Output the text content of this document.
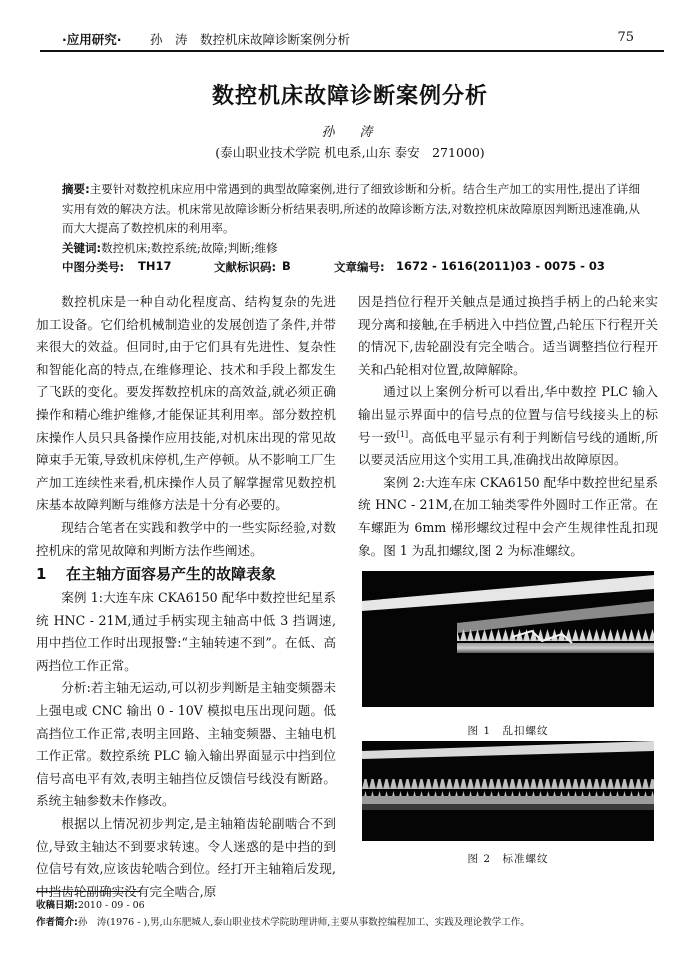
·应用研究· 孙　涛 数控机床故障诊断案例分析	75
数控机床故障诊断案例分析
孙　涛
(泰山职业技术学院 机电系,山东 泰安　271000)
摘要:主要针对数控机床应用中常遇到的典型故障案例,进行了细致诊断和分析。结合生产加工的实用性,提出了详细实用有效的解决方法。机床常见故障诊断分析结果表明,所述的故障诊断方法,对数控机床故障原因判断迅速准确,从而大大提高了数控机床的利用率。
关键词:数控机床;数控系统;故障;判断;维修
中图分类号: TH17	文献标识码: B	文章编号: 1672 - 1616(2011)03 - 0075 - 03

数控机床是一种自动化程度高、结构复杂的先进加工设备。它们给机械制造业的发展创造了条件,并带来很大的效益。但同时,由于它们具有先进性、复杂性和智能化高的特点,在维修理论、技术和手段上都发生了飞跃的变化。要发挥数控机床的高效益,就必须正确操作和精心维护维修,才能保证其利用率。部分数控机床操作人员只具备操作应用技能,对机床出现的常见故障束手无策,导致机床停机,生产停顿。从不影响工厂生产加工连续性来看,机床操作人员了解掌握常见数控机床基本故障判断与维修方法是十分有必要的。

现结合笔者在实践和教学中的一些实际经验,对数控机床的常见故障和判断方法作些阐述。

1 在主轴方面容易产生的故障表象

案例 1:大连车床 CKA6150 配华中数控世纪星系统 HNC - 21M,通过手柄实现主轴高中低 3 挡调速,用中挡位工作时出现报警:“主轴转速不到”。在低、高两挡位工作正常。

分析:若主轴无运动,可以初步判断是主轴变频器未上强电或 CNC 输出 0 - 10V 模拟电压出现问题。低高挡位工作正常,表明主回路、主轴变频器、主轴电机工作正常。数控系统 PLC 输入输出界面显示中挡到位信号高电平有效,表明主轴挡位反馈信号线没有断路。系统主轴参数未作修改。

根据以上情况初步判定,是主轴箱齿轮副啮合不到位,导致主轴达不到要求转速。令人迷惑的是中挡的到位信号有效,应该齿轮啮合到位。经打开主轴箱后发现,中挡齿轮副确实没有完全啮合,原

因是挡位行程开关触点是通过换挡手柄上的凸轮来实现分离和接触,在手柄进入中挡位置,凸轮压下行程开关的情况下,齿轮副没有完全啮合。适当调整挡位行程开关和凸轮相对位置,故障解除。

通过以上案例分析可以看出,华中数控 PLC 输入输出显示界面中的信号点的位置与信号线接头上的标号一致[1]。高低电平显示有利于判断信号线的通断,所以要灵活应用这个实用工具,准确找出故障原因。

案例 2:大连车床 CKA6150 配华中数控世纪星系统 HNC - 21M,在加工轴类零件外圆时工作正常。在车螺距为 6mm 梯形螺纹过程中会产生规律性乱扣现象。图 1 为乱扣螺纹,图 2 为标准螺纹。

图 1　乱扣螺纹
图 2　标准螺纹
收稿日期:2010 - 09 - 06
作者简介:孙　涛(1976 - ),男,山东肥城人,泰山职业技术学院助理讲师,主要从事数控编程加工、实践及理论教学工作。
